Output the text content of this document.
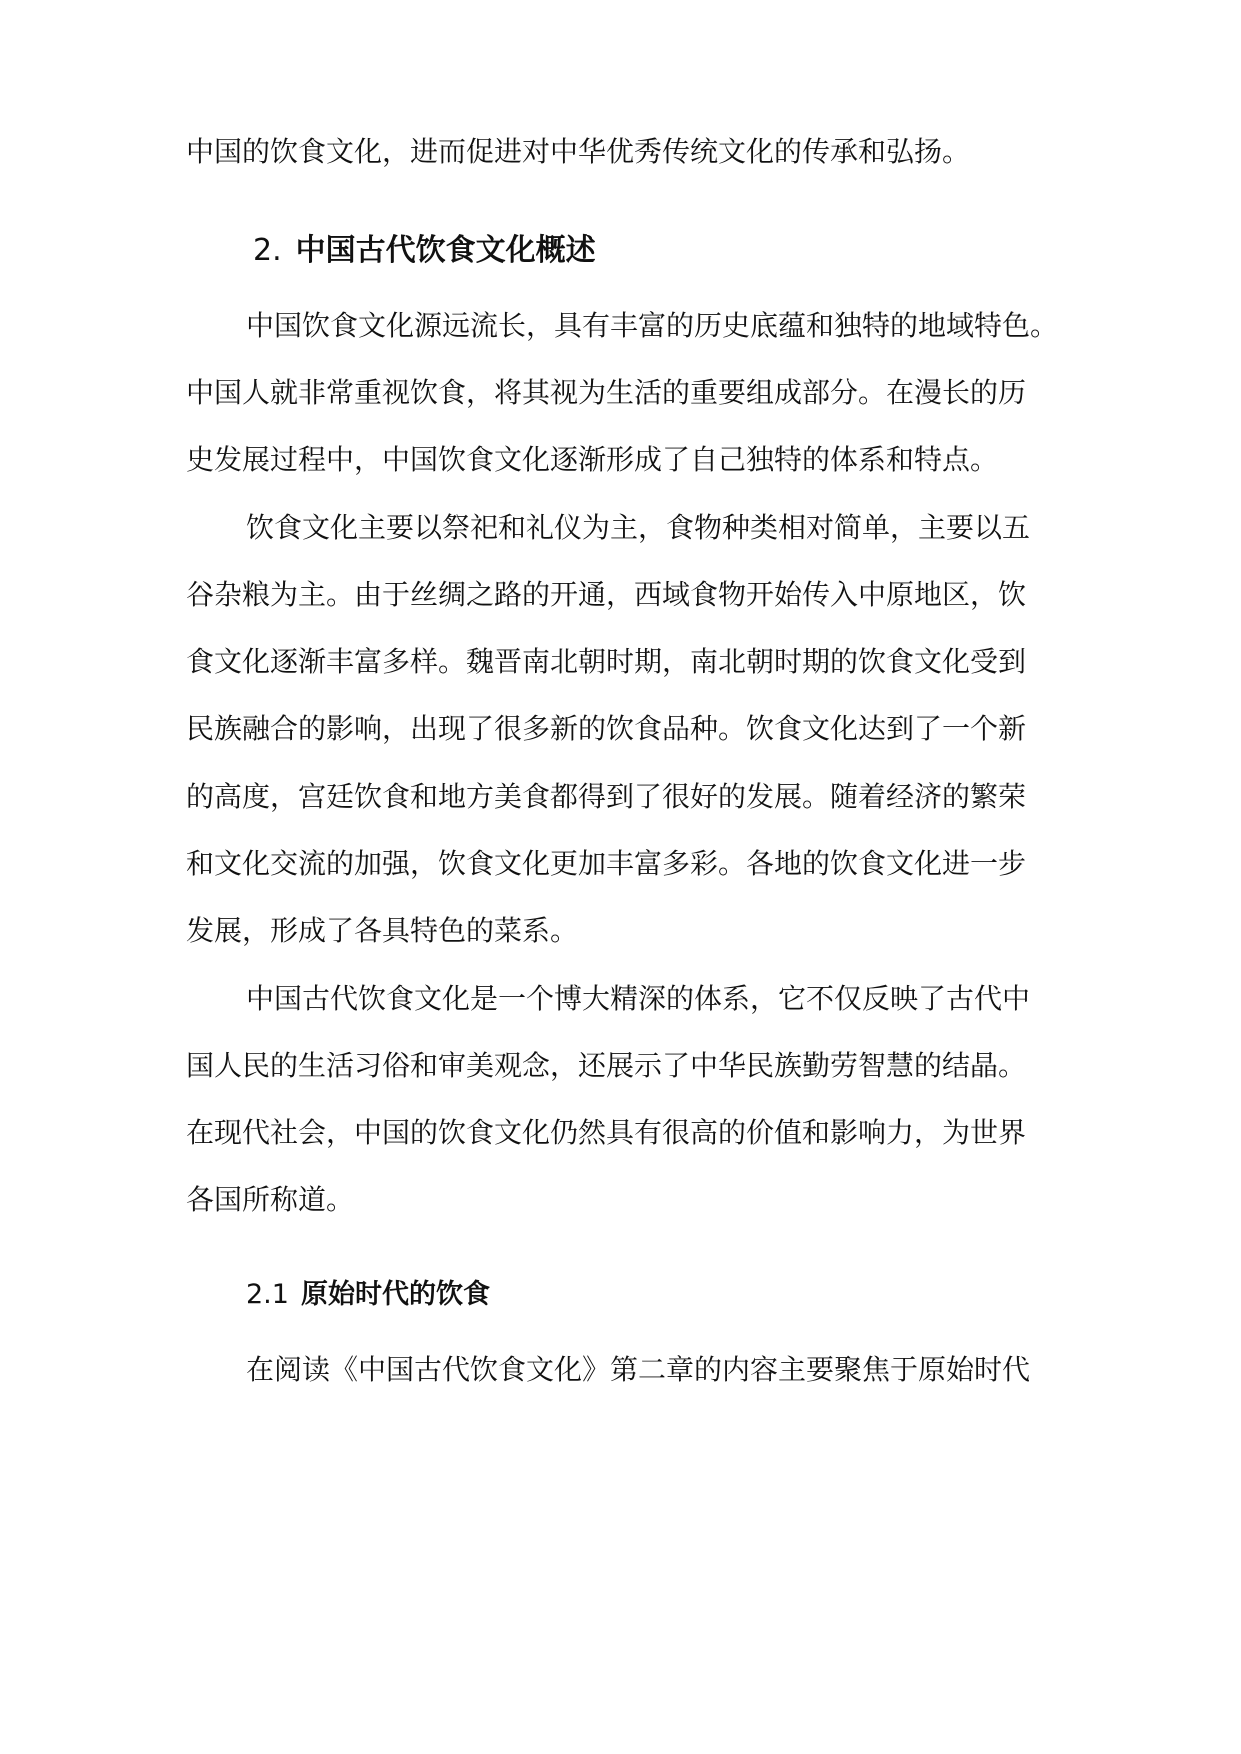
中国的饮食文化，进而促进对中华优秀传统文化的传承和弘扬。
2. 中国古代饮食文化概述
中国饮食文化源远流长，具有丰富的历史底蕴和独特的地域特色。
中国人就非常重视饮食，将其视为生活的重要组成部分。在漫长的历
史发展过程中，中国饮食文化逐渐形成了自己独特的体系和特点。
饮食文化主要以祭祀和礼仪为主，食物种类相对简单，主要以五
谷杂粮为主。由于丝绸之路的开通，西域食物开始传入中原地区，饮
食文化逐渐丰富多样。魏晋南北朝时期，南北朝时期的饮食文化受到
民族融合的影响，出现了很多新的饮食品种。饮食文化达到了一个新
的高度，宫廷饮食和地方美食都得到了很好的发展。随着经济的繁荣
和文化交流的加强，饮食文化更加丰富多彩。各地的饮食文化进一步
发展，形成了各具特色的菜系。
中国古代饮食文化是一个博大精深的体系，它不仅反映了古代中
国人民的生活习俗和审美观念，还展示了中华民族勤劳智慧的结晶。
在现代社会，中国的饮食文化仍然具有很高的价值和影响力，为世界
各国所称道。
2.1 原始时代的饮食
在阅读《中国古代饮食文化》第二章的内容主要聚焦于原始时代
